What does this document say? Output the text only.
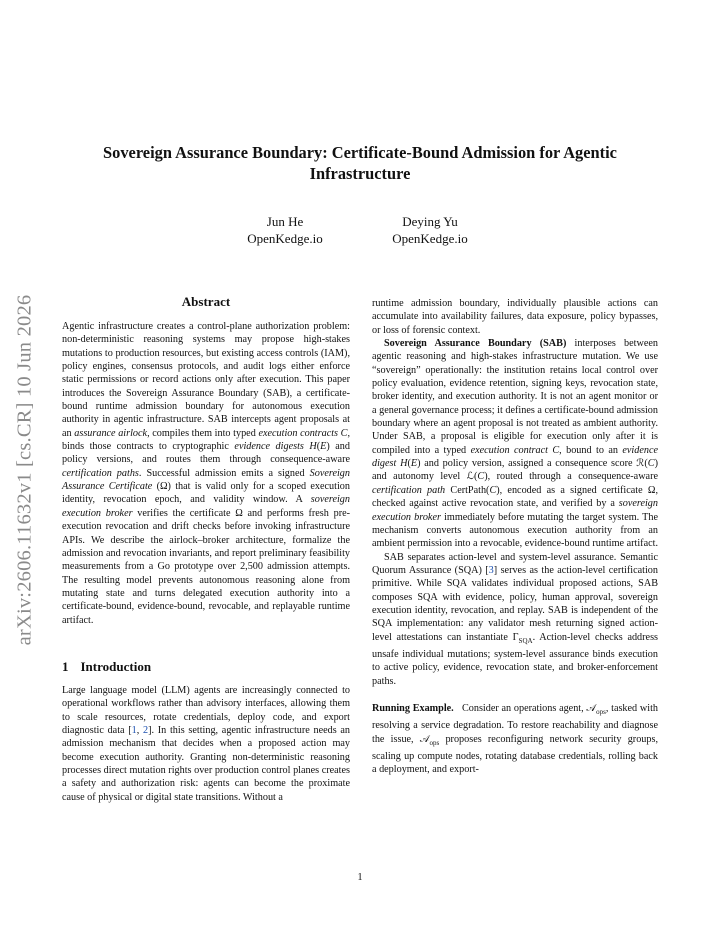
arXiv:2606.11632v1 [cs.CR] 10 Jun 2026
Sovereign Assurance Boundary: Certificate-Bound Admission for Agentic Infrastructure
Jun He
OpenKedge.io
Deying Yu
OpenKedge.io
Abstract

Agentic infrastructure creates a control-plane authorization problem: non-deterministic reasoning systems may propose high-stakes mutations to production resources, but existing access controls (IAM), policy engines, consensus protocols, and audit logs either enforce static permissions or record actions only after execution. This paper introduces the Sovereign Assurance Boundary (SAB), a certificate-bound runtime admission boundary for autonomous execution authority in agentic infrastructure. SAB intercepts agent proposals at an assurance airlock, compiles them into typed execution contracts C, binds those contracts to cryptographic evidence digests H(E) and policy versions, and routes them through consequence-aware certification paths. Successful admission emits a signed Sovereign Assurance Certificate (Ω) that is valid only for a scoped execution identity, revocation epoch, and validity window. A sovereign execution broker verifies the certificate Ω and performs fresh pre-execution revocation and drift checks before invoking infrastructure APIs. We describe the airlock–broker architecture, formalize the admission and revocation invariants, and report preliminary feasibility measurements from a Go prototype over 2,500 admission attempts. The resulting model prevents autonomous reasoning alone from mutating state and turns delegated execution authority into a certificate-bound, evidence-bound, revocable, and replayable runtime artifact.

1 Introduction

Large language model (LLM) agents are increasingly connected to operational workflows rather than advisory interfaces, allowing them to scale resources, rotate credentials, deploy code, and export diagnostic data [1, 2]. In this setting, agentic infrastructure needs an admission mechanism that decides when a proposed action may become execution authority. Granting non-deterministic reasoning processes direct mutation rights over production control planes creates a safety and authorization risk: agents can become the proximate cause of physical or digital state transitions. Without a

runtime admission boundary, individually plausible actions can accumulate into availability failures, data exposure, policy bypasses, or loss of forensic context.

Sovereign Assurance Boundary (SAB) interposes between agentic reasoning and high-stakes infrastructure mutation. We use “sovereign” operationally: the institution retains local control over policy evaluation, evidence retention, signing keys, revocation state, broker identity, and execution authority. It is not an agent monitor or a general governance process; it defines a certificate-bound admission boundary where an agent proposal is not treated as ambient authority. Under SAB, a proposal is eligible for execution only after it is compiled into a typed execution contract C, bound to an evidence digest H(E) and policy version, assigned a consequence score ℛ(C) and autonomy level ℒ(C), routed through a consequence-aware certification path CertPath(C), encoded as a signed certificate Ω, checked against active revocation state, and verified by a sovereign execution broker immediately before mutating the target system. The mechanism converts autonomous execution authority from an ambient permission into a revocable, evidence-bound runtime artifact.

SAB separates action-level and system-level assurance. Semantic Quorum Assurance (SQA) [3] serves as the action-level certification primitive. While SQA validates individual proposed actions, SAB composes SQA with evidence, policy, human approval, sovereign execution identity, revocation, and replay. SAB is independent of the SQA implementation: any validator mesh returning signed action-level attestations can instantiate $\Gamma_{SQA}$. Action-level checks address unsafe individual mutations; system-level assurance binds execution to active policy, evidence, revocation state, and broker-enforcement paths.

Running Example.   Consider an operations agent, 𝒜$_{ops}$, tasked with resolving a service degradation. To restore reachability and diagnose the issue, 𝒜$_{ops}$ proposes reconfiguring network security groups, scaling up compute nodes, rotating database credentials, rolling back a deployment, and export-

1
